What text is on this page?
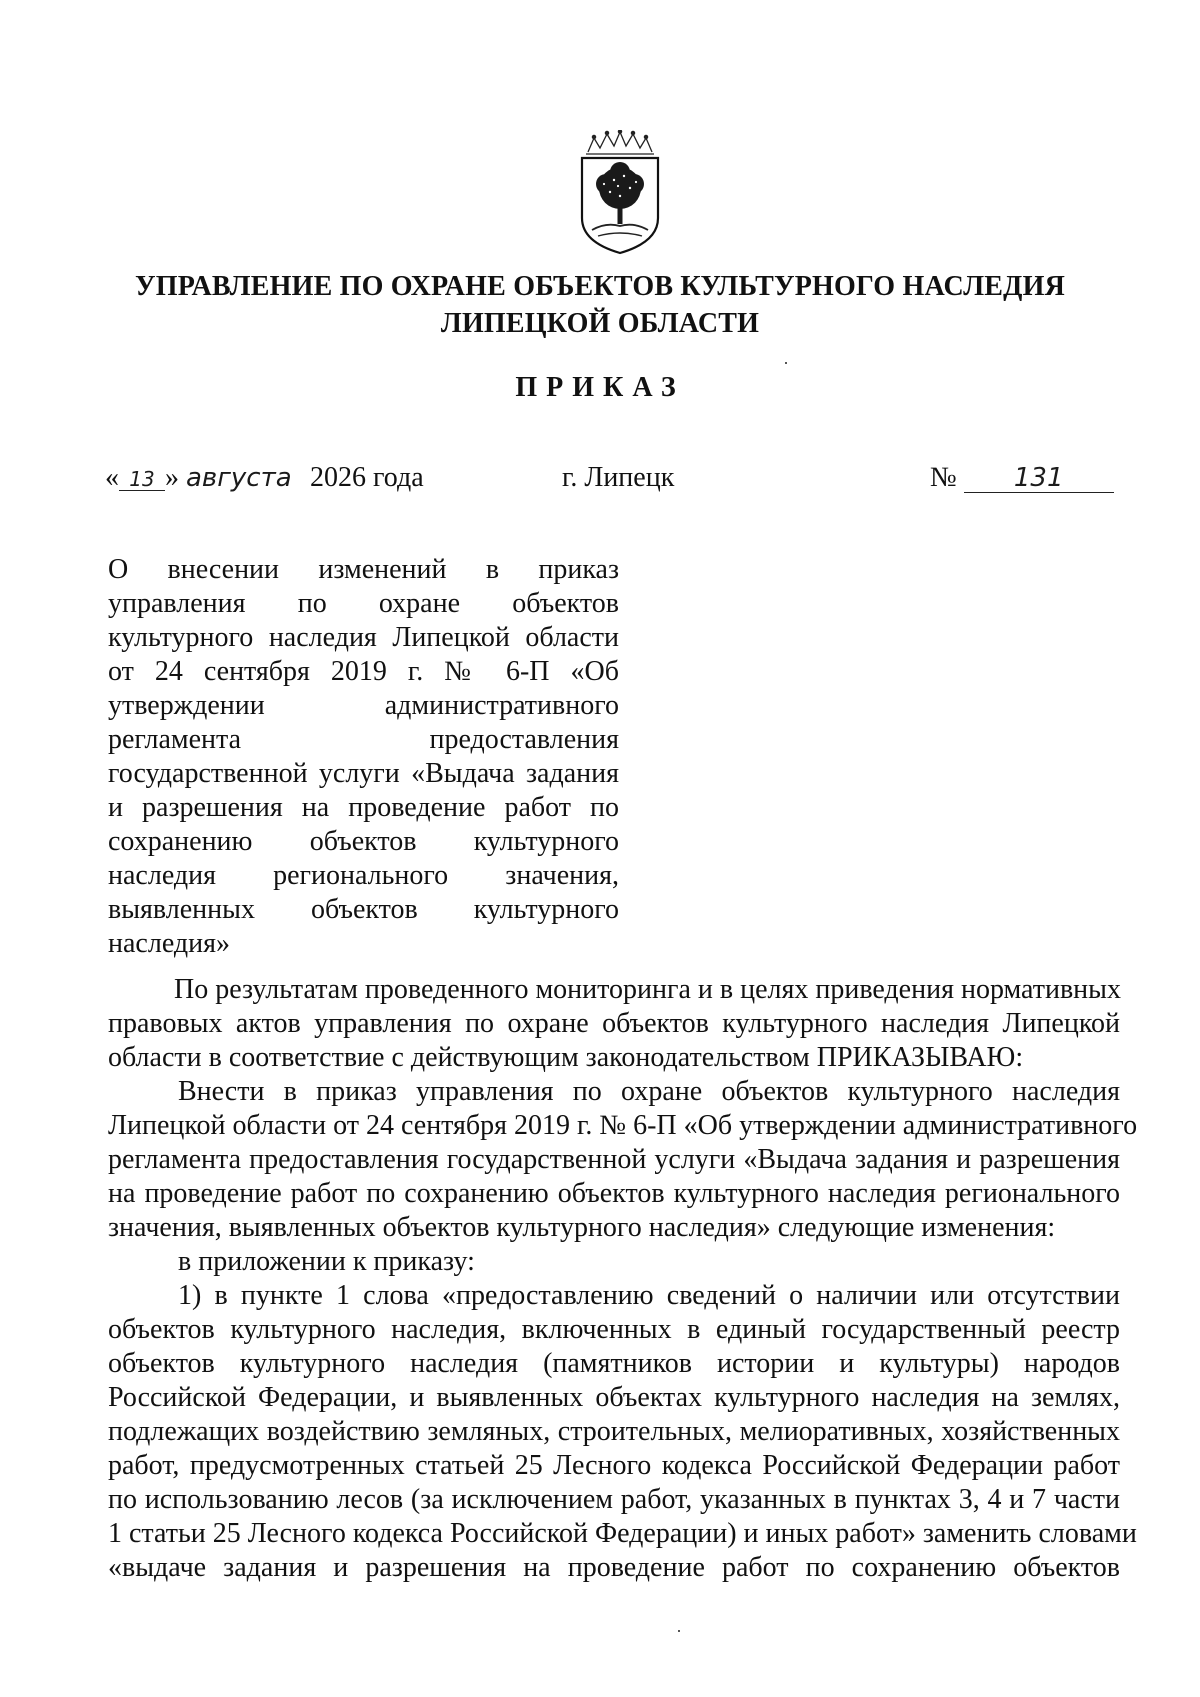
УПРАВЛЕНИЕ ПО ОХРАНЕ ОБЪЕКТОВ КУЛЬТУРНОГО НАСЛЕДИЯ
ЛИПЕЦКОЙ ОБЛАСТИ
ПРИКАЗ
« 13 » августа 2026 года	г. Липецк	№ 131
О внесении изменений в приказ
управления по охране объектов
культурного наследия Липецкой области
от 24 сентября 2019 г. № 6-П «Об
утверждении административного
регламента предоставления
государственной услуги «Выдача задания
и разрешения на проведение работ по
сохранению объектов культурного
наследия регионального значения,
выявленных объектов культурного
наследия»
По результатам проведенного мониторинга и в целях приведения нормативных
правовых актов управления по охране объектов культурного наследия Липецкой
области в соответствие с действующим законодательством ПРИКАЗЫВАЮ:
Внести в приказ управления по охране объектов культурного наследия
Липецкой области от 24 сентября 2019 г. № 6-П «Об утверждении административного
регламента предоставления государственной услуги «Выдача задания и разрешения
на проведение работ по сохранению объектов культурного наследия регионального
значения, выявленных объектов культурного наследия» следующие изменения:
в приложении к приказу:
1) в пункте 1 слова «предоставлению сведений о наличии или отсутствии
объектов культурного наследия, включенных в единый государственный реестр
объектов культурного наследия (памятников истории и культуры) народов
Российской Федерации, и выявленных объектах культурного наследия на землях,
подлежащих воздействию земляных, строительных, мелиоративных, хозяйственных
работ, предусмотренных статьей 25 Лесного кодекса Российской Федерации работ
по использованию лесов (за исключением работ, указанных в пунктах 3, 4 и 7 части
1 статьи 25 Лесного кодекса Российской Федерации) и иных работ» заменить словами
«выдаче задания и разрешения на проведение работ по сохранению объектов
